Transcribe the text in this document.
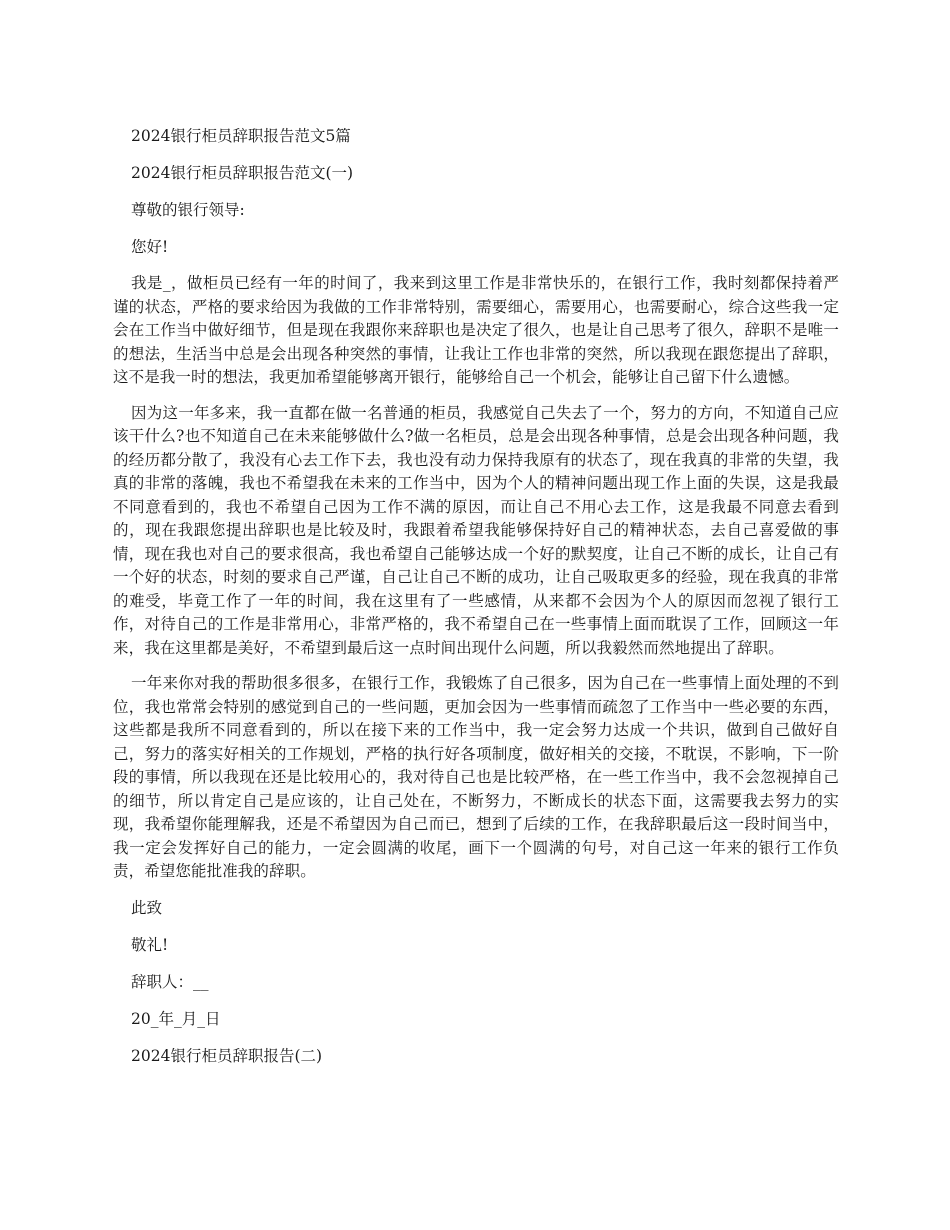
2024银行柜员辞职报告范文5篇
2024银行柜员辞职报告范文(一)
尊敬的银行领导:
您好!

我是_，做柜员已经有一年的时间了，我来到这里工作是非常快乐的，在银行工作，我时刻都保持着严谨的状态，严格的要求给因为我做的工作非常特别，需要细心，需要用心，也需要耐心，综合这些我一定会在工作当中做好细节，但是现在我跟你来辞职也是决定了很久，也是让自己思考了很久，辞职不是唯一的想法，生活当中总是会出现各种突然的事情，让我让工作也非常的突然，所以我现在跟您提出了辞职，这不是我一时的想法，我更加希望能够离开银行，能够给自己一个机会，能够让自己留下什么遗憾。

因为这一年多来，我一直都在做一名普通的柜员，我感觉自己失去了一个，努力的方向，不知道自己应该干什么?也不知道自己在未来能够做什么?做一名柜员，总是会出现各种事情，总是会出现各种问题，我的经历都分散了，我没有心去工作下去，我也没有动力保持我原有的状态了，现在我真的非常的失望，我真的非常的落魄，我也不希望我在未来的工作当中，因为个人的精神问题出现工作上面的失误，这是我最不同意看到的，我也不希望自己因为工作不满的原因，而让自己不用心去工作，这是我最不同意去看到的，现在我跟您提出辞职也是比较及时，我跟着希望我能够保持好自己的精神状态，去自己喜爱做的事情，现在我也对自己的要求很高，我也希望自己能够达成一个好的默契度，让自己不断的成长，让自己有一个好的状态，时刻的要求自己严谨，自己让自己不断的成功，让自己吸取更多的经验，现在我真的非常的难受，毕竟工作了一年的时间，我在这里有了一些感情，从来都不会因为个人的原因而忽视了银行工作，对待自己的工作是非常用心，非常严格的，我不希望自己在一些事情上面而耽误了工作，回顾这一年来，我在这里都是美好，不希望到最后这一点时间出现什么问题，所以我毅然而然地提出了辞职。

一年来你对我的帮助很多很多，在银行工作，我锻炼了自己很多，因为自己在一些事情上面处理的不到位，我也常常会特别的感觉到自己的一些问题，更加会因为一些事情而疏忽了工作当中一些必要的东西，这些都是我所不同意看到的，所以在接下来的工作当中，我一定会努力达成一个共识，做到自己做好自己，努力的落实好相关的工作规划，严格的执行好各项制度，做好相关的交接，不耽误，不影响，下一阶段的事情，所以我现在还是比较用心的，我对待自己也是比较严格，在一些工作当中，我不会忽视掉自己的细节，所以肯定自己是应该的，让自己处在，不断努力，不断成长的状态下面，这需要我去努力的实现，我希望你能理解我，还是不希望因为自己而已，想到了后续的工作，在我辞职最后这一段时间当中，我一定会发挥好自己的能力，一定会圆满的收尾，画下一个圆满的句号，对自己这一年来的银行工作负责，希望您能批准我的辞职。

此致
敬礼!
辞职人：__
20_年_月_日
2024银行柜员辞职报告(二)
